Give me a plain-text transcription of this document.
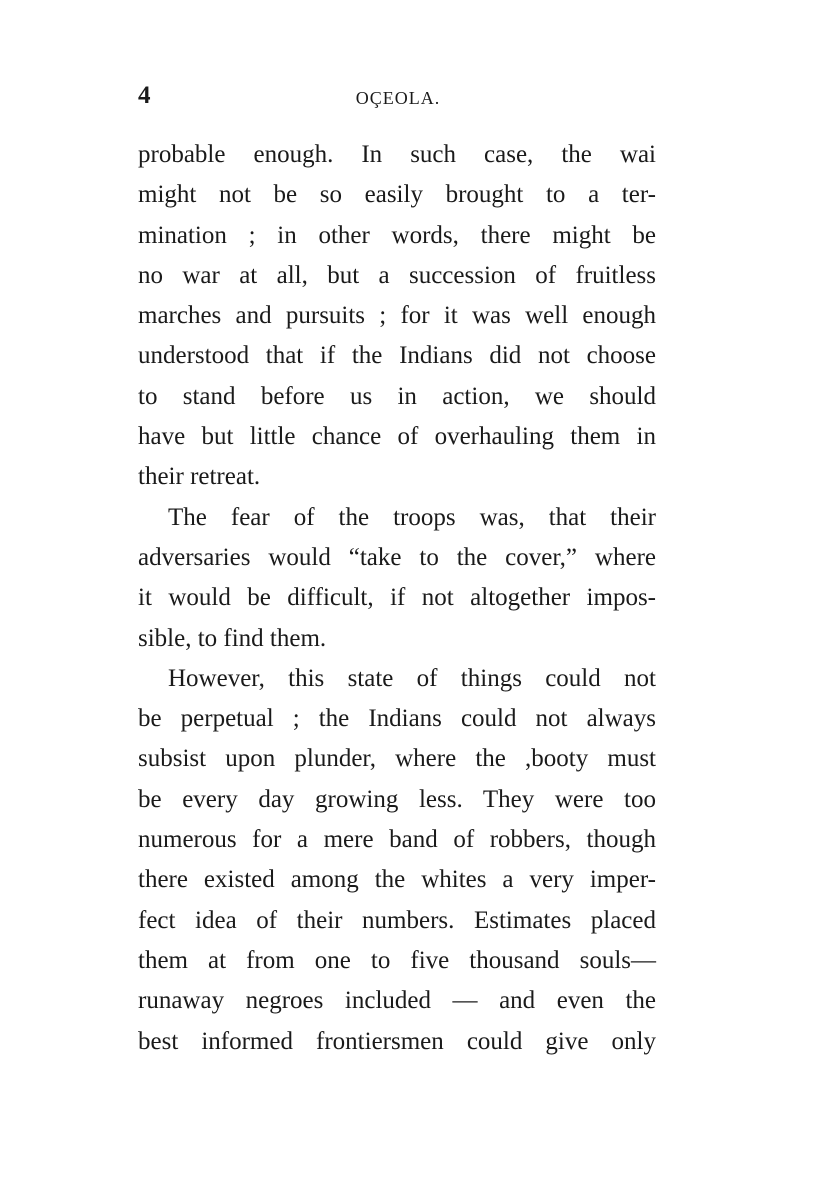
4	OÇEOLA.
probable enough. In such case, the wai
might not be so easily brought to a ter-
mination ; in other words, there might be
no war at all, but a succession of fruitless
marches and pursuits ; for it was well enough
understood that if the Indians did not choose
to stand before us in action, we should
have but little chance of overhauling them in
their retreat.
The fear of the troops was, that their
adversaries would “take to the cover,” where
it would be difficult, if not altogether impos-
sible, to find them.
However, this state of things could not
be perpetual ; the Indians could not always
subsist upon plunder, where the ,booty must
be every day growing less. They were too
numerous for a mere band of robbers, though
there existed among the whites a very imper-
fect idea of their numbers. Estimates placed
them at from one to five thousand souls—
runaway negroes included — and even the
best informed frontiersmen could give only
